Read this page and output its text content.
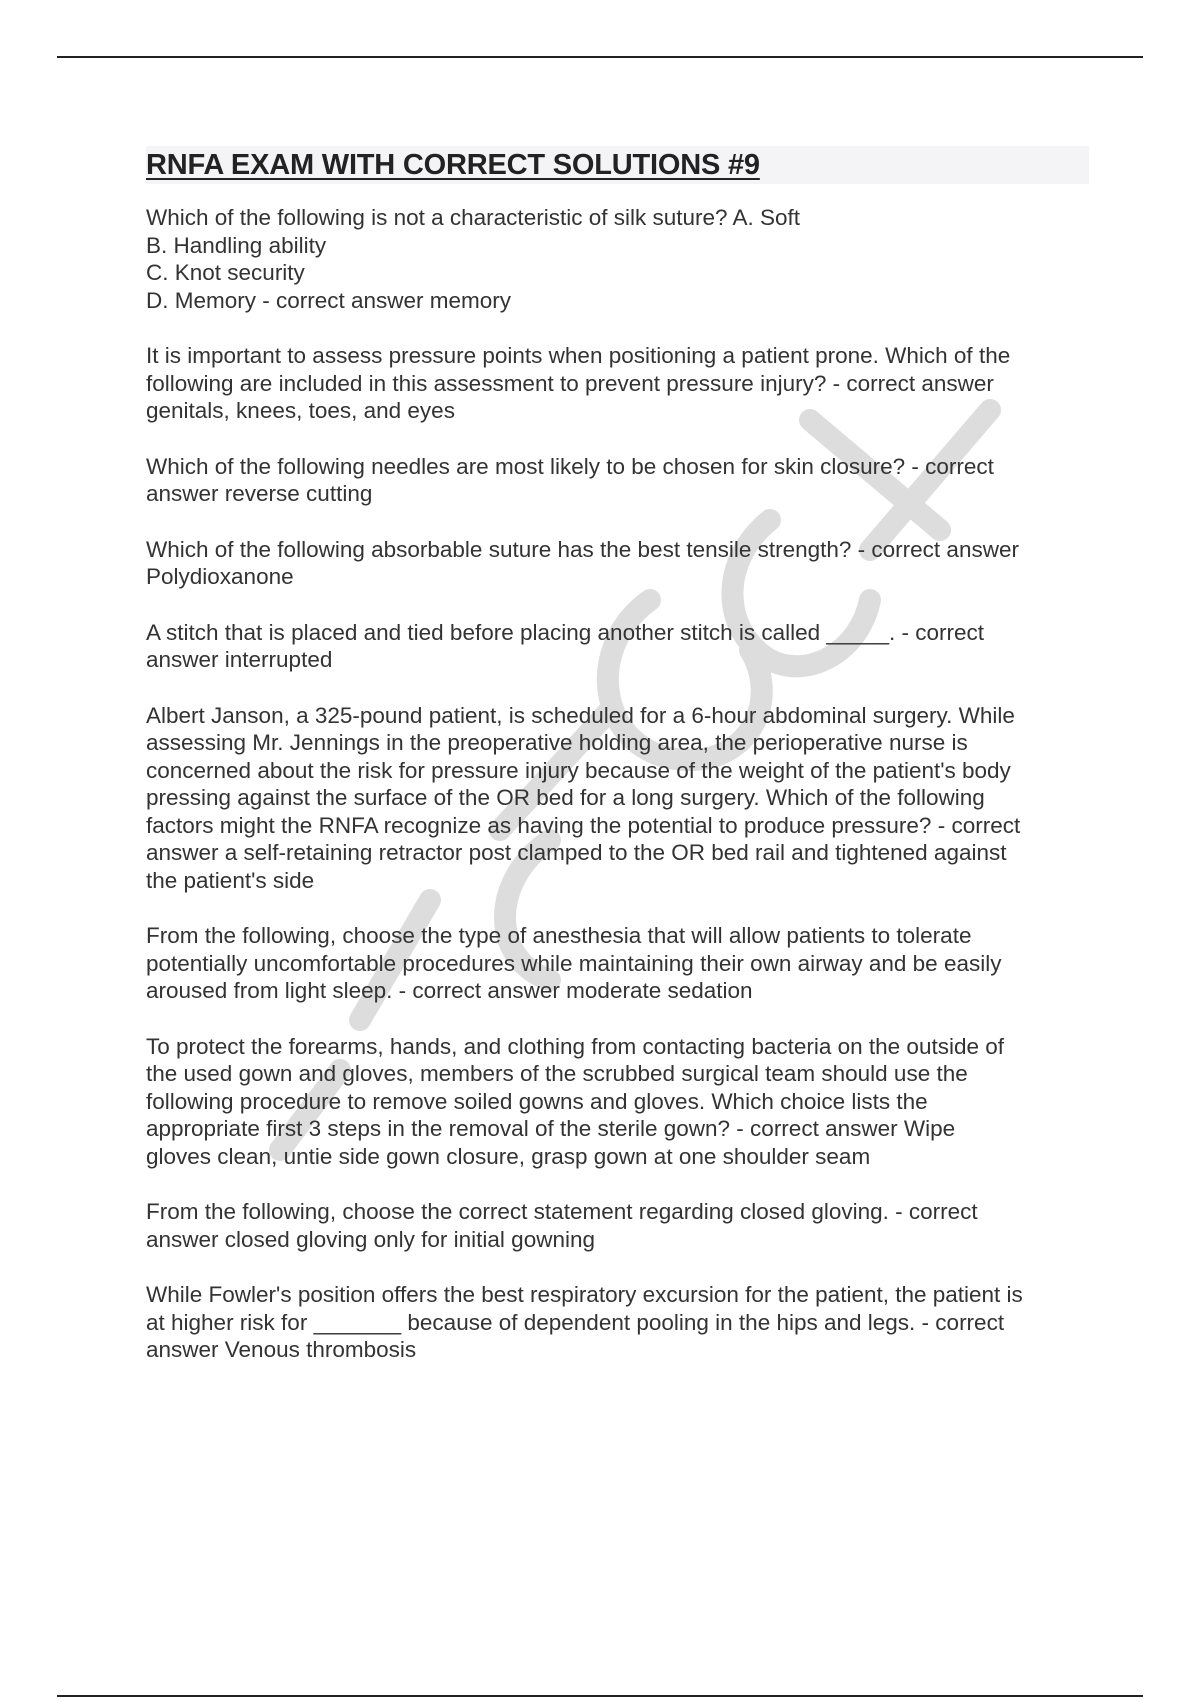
RNFA EXAM WITH CORRECT SOLUTIONS #9

Which of the following is not a characteristic of silk suture? A. Soft
B. Handling ability
C. Knot security
D. Memory - correct answer memory

It is important to assess pressure points when positioning a patient prone. Which of the
following are included in this assessment to prevent pressure injury? - correct answer
genitals, knees, toes, and eyes

Which of the following needles are most likely to be chosen for skin closure? - correct
answer reverse cutting

Which of the following absorbable suture has the best tensile strength? - correct answer
Polydioxanone

A stitch that is placed and tied before placing another stitch is called _____. - correct
answer interrupted

Albert Janson, a 325-pound patient, is scheduled for a 6-hour abdominal surgery. While
assessing Mr. Jennings in the preoperative holding area, the perioperative nurse is
concerned about the risk for pressure injury because of the weight of the patient's body
pressing against the surface of the OR bed for a long surgery. Which of the following
factors might the RNFA recognize as having the potential to produce pressure? - correct
answer a self-retaining retractor post clamped to the OR bed rail and tightened against
the patient's side

From the following, choose the type of anesthesia that will allow patients to tolerate
potentially uncomfortable procedures while maintaining their own airway and be easily
aroused from light sleep. - correct answer moderate sedation

To protect the forearms, hands, and clothing from contacting bacteria on the outside of
the used gown and gloves, members of the scrubbed surgical team should use the
following procedure to remove soiled gowns and gloves. Which choice lists the
appropriate first 3 steps in the removal of the sterile gown? - correct answer Wipe
gloves clean, untie side gown closure, grasp gown at one shoulder seam

From the following, choose the correct statement regarding closed gloving. - correct
answer closed gloving only for initial gowning

While Fowler's position offers the best respiratory excursion for the patient, the patient is
at higher risk for _______ because of dependent pooling in the hips and legs. - correct
answer Venous thrombosis
